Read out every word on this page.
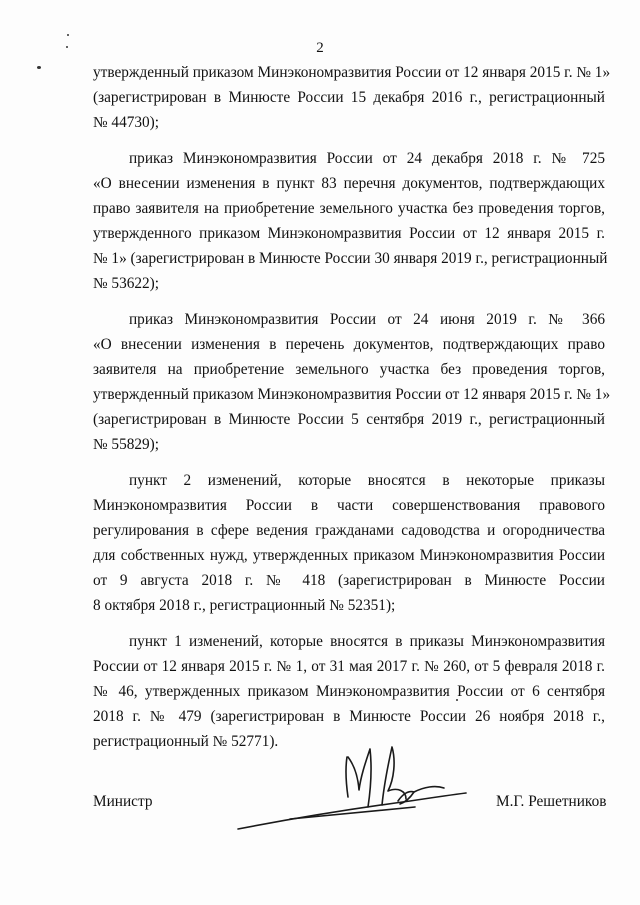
2
утвержденный приказом Минэкономразвития России от 12 января 2015 г. № 1»
(зарегистрирован в Минюсте России 15 декабря 2016 г., регистрационный
№ 44730);
приказ Минэкономразвития России от 24 декабря 2018 г. № 725
«О внесении изменения в пункт 83 перечня документов, подтверждающих
право заявителя на приобретение земельного участка без проведения торгов,
утвержденного приказом Минэкономразвития России от 12 января 2015 г.
№ 1» (зарегистрирован в Минюсте России 30 января 2019 г., регистрационный
№ 53622);
приказ Минэкономразвития России от 24 июня 2019 г. № 366
«О внесении изменения в перечень документов, подтверждающих право
заявителя на приобретение земельного участка без проведения торгов,
утвержденный приказом Минэкономразвития России от 12 января 2015 г. № 1»
(зарегистрирован в Минюсте России 5 сентября 2019 г., регистрационный
№ 55829);
пункт 2 изменений, которые вносятся в некоторые приказы
Минэкономразвития России в части совершенствования правового
регулирования в сфере ведения гражданами садоводства и огородничества
для собственных нужд, утвержденных приказом Минэкономразвития России
от 9 августа 2018 г. № 418 (зарегистрирован в Минюсте России
8 октября 2018 г., регистрационный № 52351);
пункт 1 изменений, которые вносятся в приказы Минэкономразвития
России от 12 января 2015 г. № 1, от 31 мая 2017 г. № 260, от 5 февраля 2018 г.
№ 46, утвержденных приказом Минэкономразвития России от 6 сентября
2018 г. № 479 (зарегистрирован в Минюсте России 26 ноября 2018 г.,
регистрационный № 52771).
Министр	М.Г. Решетников
